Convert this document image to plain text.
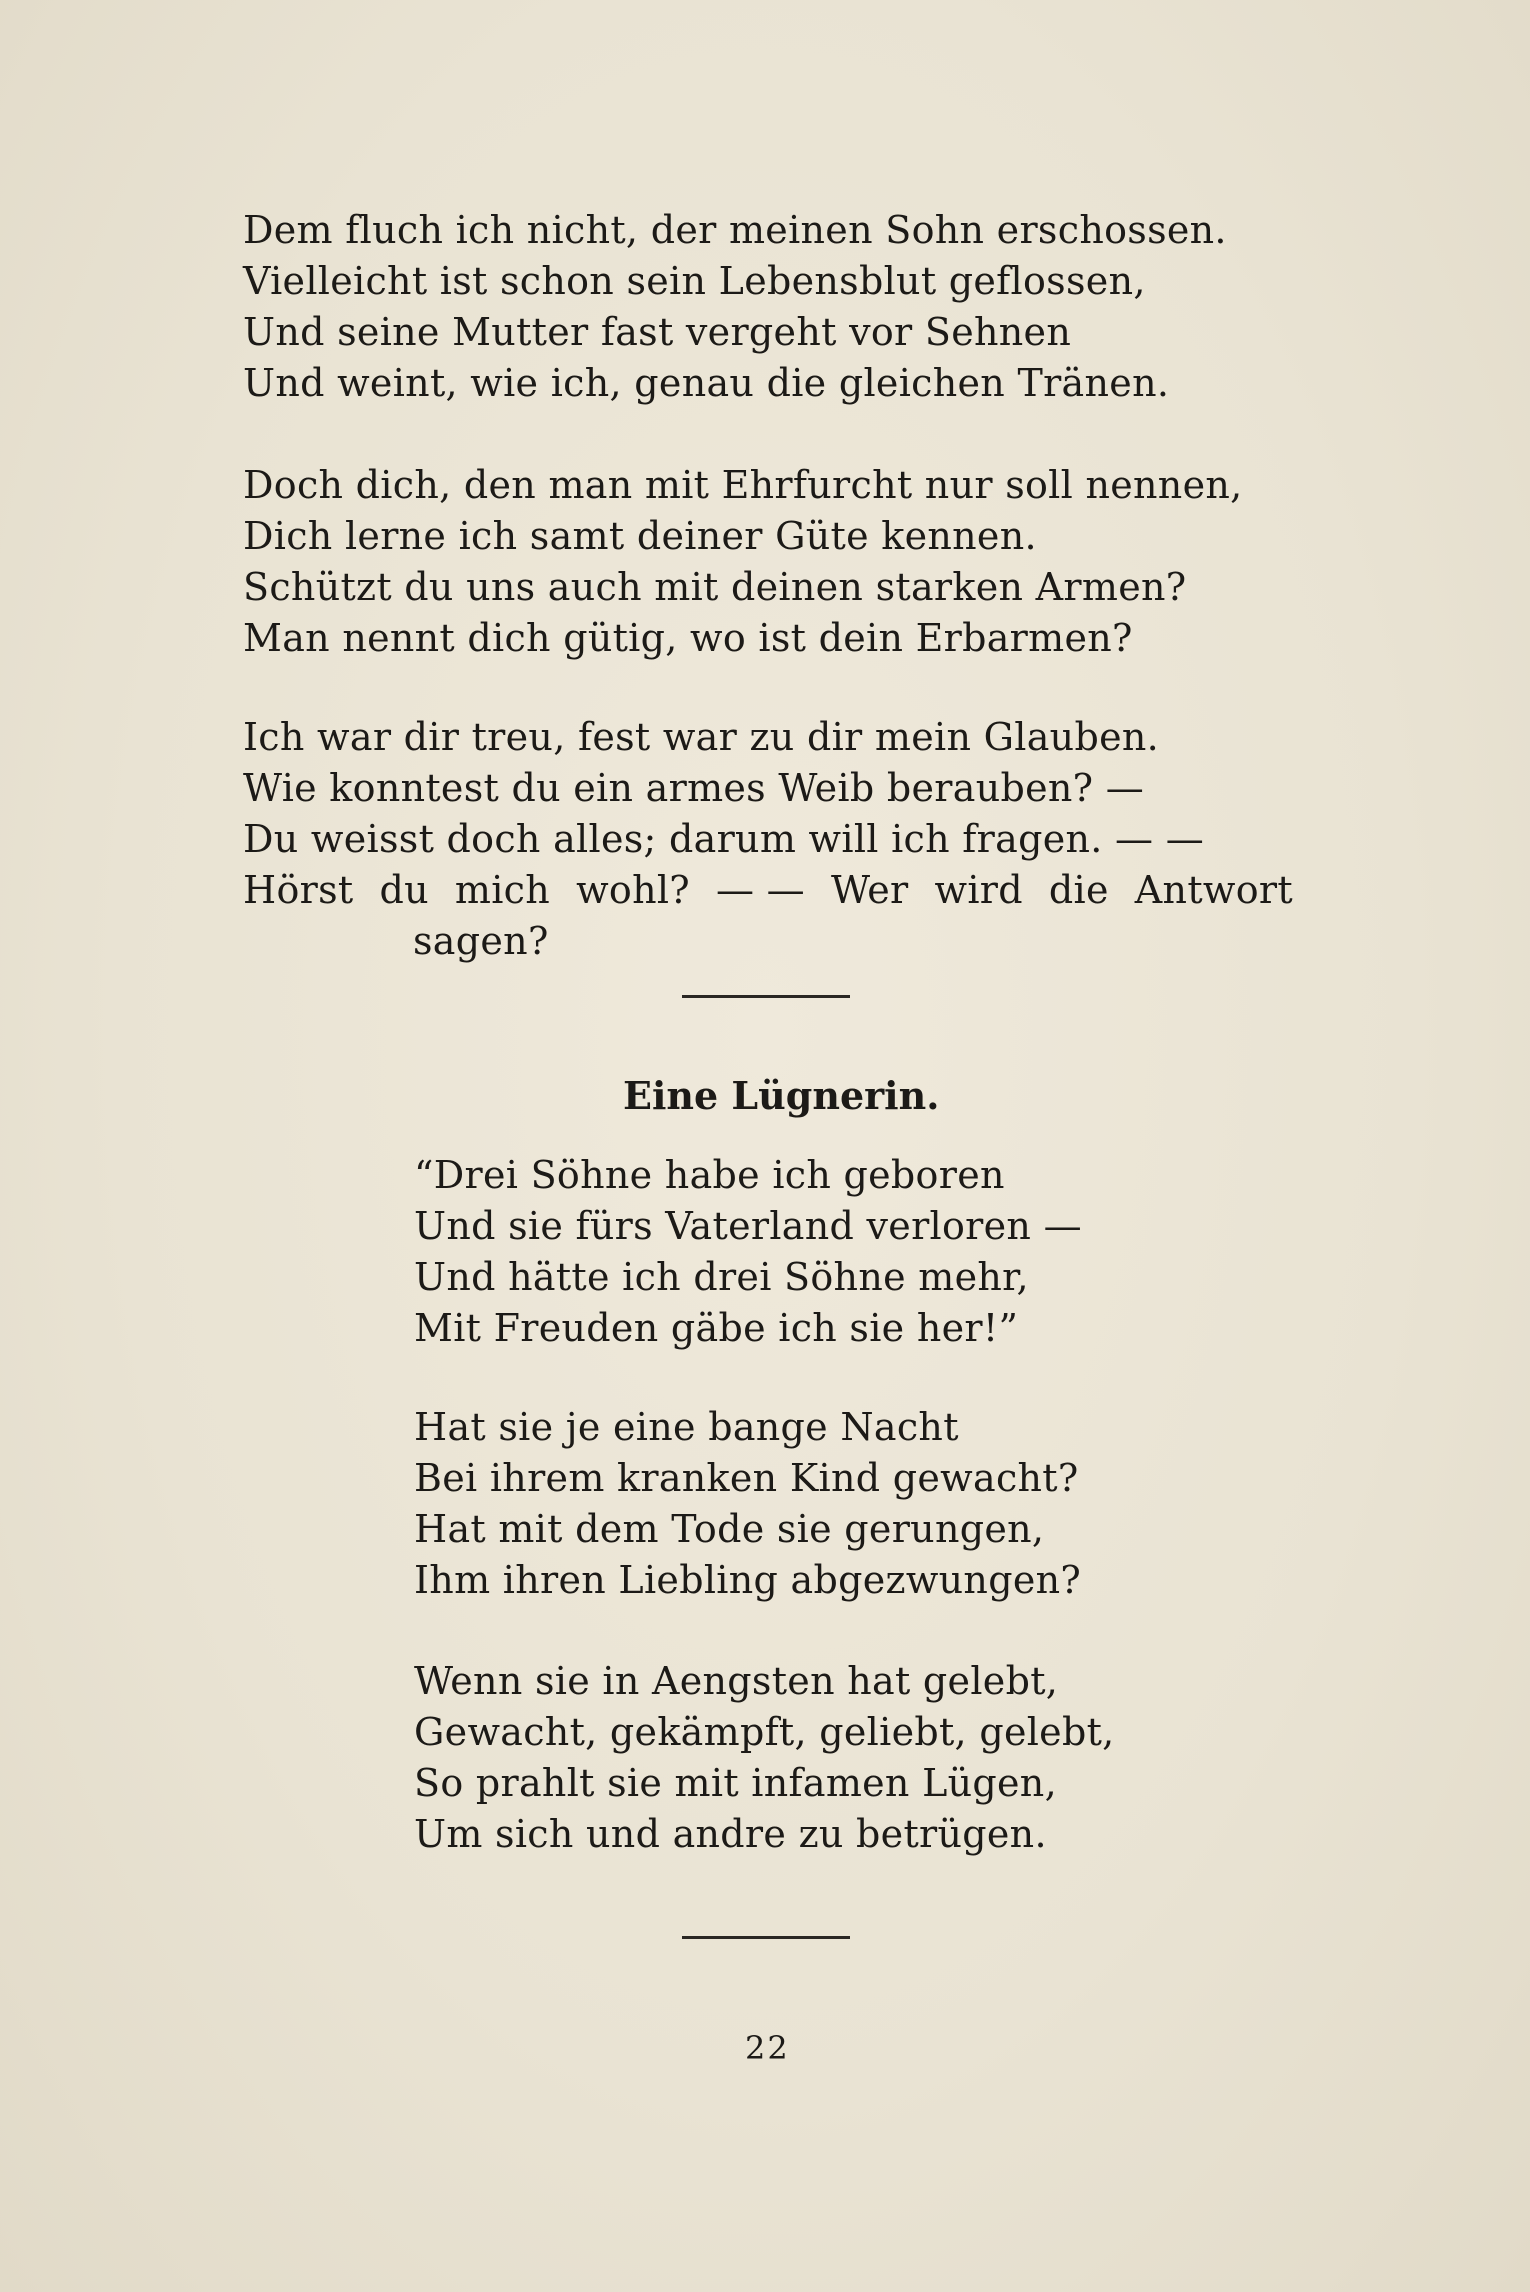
Dem fluch ich nicht, der meinen Sohn erschossen.
Vielleicht ist schon sein Lebensblut geflossen,
Und seine Mutter fast vergeht vor Sehnen
Und weint, wie ich, genau die gleichen Tränen.
Doch dich, den man mit Ehrfurcht nur soll nennen,
Dich lerne ich samt deiner Güte kennen.
Schützt du uns auch mit deinen starken Armen?
Man nennt dich gütig, wo ist dein Erbarmen?
Ich war dir treu, fest war zu dir mein Glauben.
Wie konntest du ein armes Weib berauben? —
Du weisst doch alles; darum will ich fragen. — —
Hörst du mich wohl? — — Wer wird die Antwort
sagen?
Eine Lügnerin.
“Drei Söhne habe ich geboren
Und sie fürs Vaterland verloren —
Und hätte ich drei Söhne mehr,
Mit Freuden gäbe ich sie her!”
Hat sie je eine bange Nacht
Bei ihrem kranken Kind gewacht?
Hat mit dem Tode sie gerungen,
Ihm ihren Liebling abgezwungen?
Wenn sie in Aengsten hat gelebt,
Gewacht, gekämpft, geliebt, gelebt,
So prahlt sie mit infamen Lügen,
Um sich und andre zu betrügen.
22
